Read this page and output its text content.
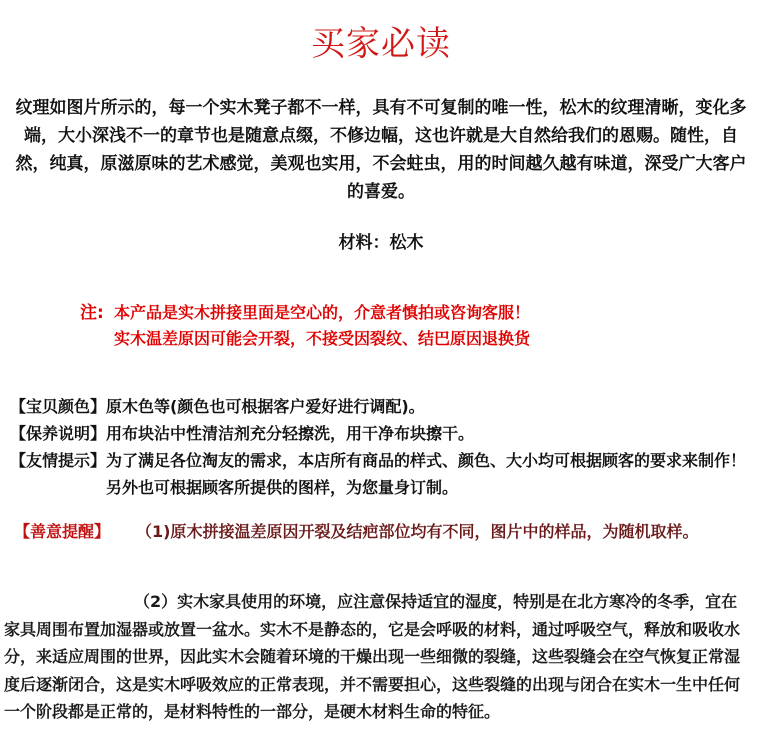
买家必读
纹理如图片所示的，每一个实木凳子都不一样，具有不可复制的唯一性，松木的纹理清晰，变化多端，大小深浅不一的章节也是随意点缀，不修边幅，这也许就是大自然给我们的恩赐。随性，自然，纯真，原滋原味的艺术感觉，美观也实用，不会蛀虫，用的时间越久越有味道，深受广大客户的喜爱。
材料：松木
注: 本产品是实木拼接里面是空心的，介意者慎拍或咨询客服！
实木温差原因可能会开裂，不接受因裂纹、结巴原因退换货
【宝贝颜色】 原木色等(颜色也可根据客户爱好进行调配)。
【保养说明】 用布块沾中性清洁剂充分轻擦洗，用干净布块擦干。
【友情提示】 为了满足各位淘友的需求，本店所有商品的样式、颜色、大小均可根据顾客的要求来制作！另外也可根据顾客所提供的图样，为您量身订制。
【善意提醒】	（1)原木拼接温差原因开裂及结疤部位均有不同，图片中的样品，为随机取样。
（2）实木家具使用的环境，应注意保持适宜的湿度，特别是在北方寒冷的冬季，宜在家具周围布置加湿器或放置一盆水。实木不是静态的，它是会呼吸的材料，通过呼吸空气，释放和吸收水分，来适应周围的世界，因此实木会随着环境的干燥出现一些细微的裂缝，这些裂缝会在空气恢复正常湿度后逐渐闭合，这是实木呼吸效应的正常表现，并不需要担心，这些裂缝的出现与闭合在实木一生中任何一个阶段都是正常的，是材料特性的一部分，是硬木材料生命的特征。
